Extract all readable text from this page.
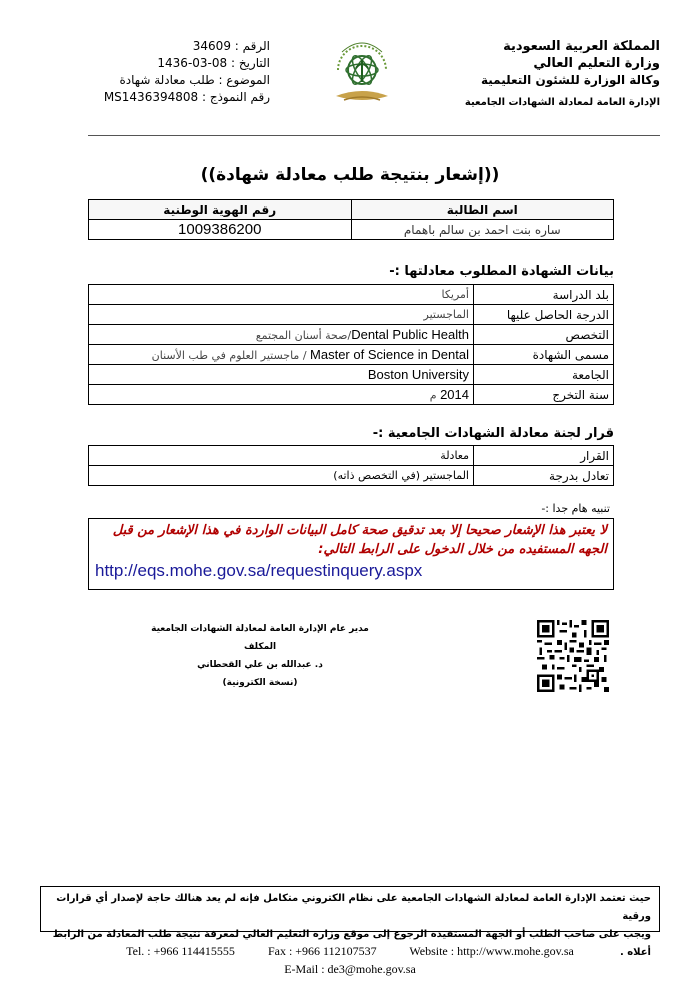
المملكة العربية السعودية
وزارة التعليم العالي
وكالة الوزارة للشئون التعليمية
الإدارة العامة لمعادلة الشهادات الجامعية
الرقم : 34609
التاريخ : 1436-03-08
الموضوع : طلب معادلة شهادة
رقم النموذج : MS1436394808
((إشعار بنتيجة طلب معادلة شهادة))
اسم الطالبة	رقم الهوية الوطنية
ساره بنت احمد بن سالم باهمام	1009386200
بيانات الشهادة المطلوب معادلتها :-
بلد الدراسة	أمريكا
الدرجة الحاصل عليها	الماجستير
التخصص	Dental Public Health/صحة أسنان المجتمع
مسمى الشهادة	Master of Science in Dental / ماجستير العلوم في طب الأسنان
الجامعة	Boston University
سنة التخرج	2014 م
قرار لجنة معادلة الشهادات الجامعية :-
القرار	معادلة
تعادل بدرجة	الماجستير (في التخصص ذاته)
تنبيه هام جدا :-
لا يعتبر هذا الإشعار صحيحا إلا بعد تدقيق صحة كامل البيانات الواردة في هذا الإشعار من قبل الجهه المستفيده من خلال الدخول على الرابط التالي:
http://eqs.mohe.gov.sa/requestinquery.aspx
مدير عام الإدارة العامة لمعادلة الشهادات الجامعية المكلف
د. عبدالله بن علي القحطاني
(نسخة الكترونية)
حيث تعتمد الإدارة العامة لمعادلة الشهادات الجامعية على نظام الكتروني متكامل فإنه لم يعد هنالك حاجة لإصدار أي قرارات ورقية
ويجب على صاحب الطلب أو الجهة المستفيدة الرجوع إلى موقع وزارة التعليم العالي لمعرفة نتيجة طلب المعادلة من الرابط أعلاه .
Tel. : +966 114415555	Fax : +966 112107537	Website : http://www.mohe.gov.sa
E-Mail : de3@mohe.gov.sa
